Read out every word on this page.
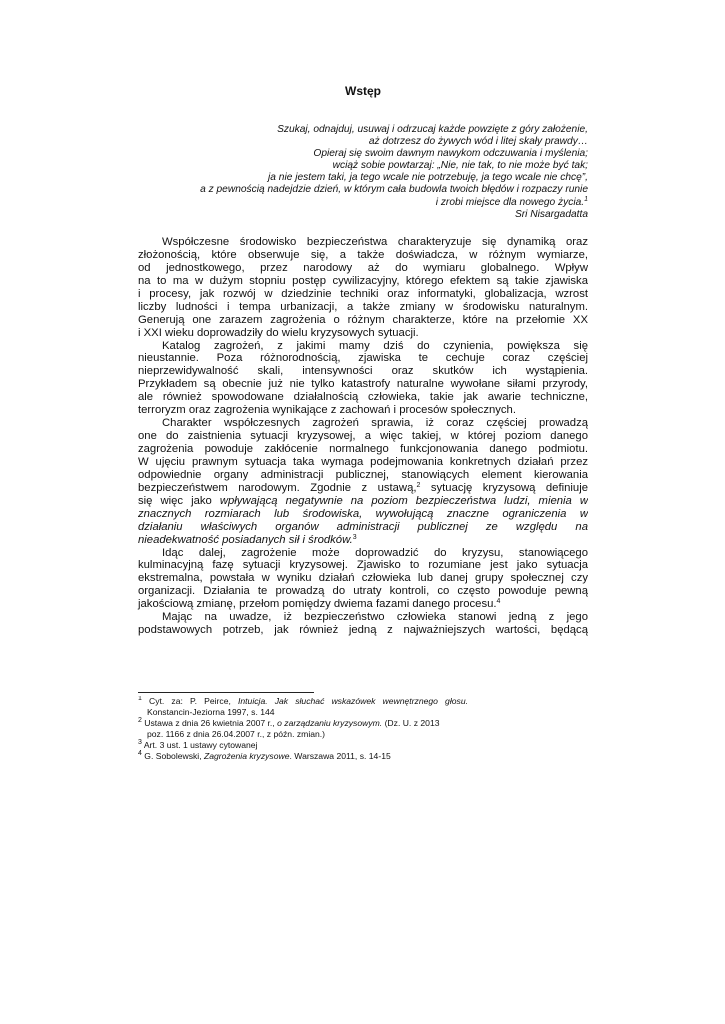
Wstęp
Szukaj, odnajduj, usuwaj i odrzucaj każde powzięte z góry założenie,
aż dotrzesz do żywych wód i litej skały prawdy…
Opieraj się swoim dawnym nawykom odczuwania i myślenia;
wciąż sobie powtarzaj: „Nie, nie tak, to nie może być tak;
ja nie jestem taki, ja tego wcale nie potrzebuję, ja tego wcale nie chcę”,
a z pewnością nadejdzie dzień, w którym cała budowla twoich błędów i rozpaczy runie
i zrobi miejsce dla nowego życia.$^1$
Sri Nisargadatta
Współczesne środowisko bezpieczeństwa charakteryzuje się dynamiką oraz
złożonością, które obserwuje się, a także doświadcza, w różnym wymiarze,
od jednostkowego, przez narodowy aż do wymiaru globalnego. Wpływ
na to ma w dużym stopniu postęp cywilizacyjny, którego efektem są takie zjawiska
i procesy, jak rozwój w dziedzinie techniki oraz informatyki, globalizacja, wzrost
liczby ludności i tempa urbanizacji, a także zmiany w środowisku naturalnym.
Generują one zarazem zagrożenia o różnym charakterze, które na przełomie XX
i XXI wieku doprowadziły do wielu kryzysowych sytuacji.
Katalog zagrożeń, z jakimi mamy dziś do czynienia, powiększa się
nieustannie. Poza różnorodnością, zjawiska te cechuje coraz częściej
nieprzewidywalność skali, intensywności oraz skutków ich wystąpienia.
Przykładem są obecnie już nie tylko katastrofy naturalne wywołane siłami przyrody,
ale również spowodowane działalnością człowieka, takie jak awarie techniczne,
terroryzm oraz zagrożenia wynikające z zachowań i procesów społecznych.
Charakter współczesnych zagrożeń sprawia, iż coraz częściej prowadzą
one do zaistnienia sytuacji kryzysowej, a więc takiej, w której poziom danego
zagrożenia powoduje zakłócenie normalnego funkcjonowania danego podmiotu.
W ujęciu prawnym sytuacja taka wymaga podejmowania konkretnych działań przez
odpowiednie organy administracji publicznej, stanowiących element kierowania
bezpieczeństwem narodowym. Zgodnie z ustawą,$^2$ sytuację kryzysową definiuje
się więc jako wpływającą negatywnie na poziom bezpieczeństwa ludzi, mienia w
znacznych rozmiarach lub środowiska, wywołującą znaczne ograniczenia w
działaniu właściwych organów administracji publicznej ze względu na
nieadekwatność posiadanych sił i środków.$^3$
Idąc dalej, zagrożenie może doprowadzić do kryzysu, stanowiącego
kulminacyjną fazę sytuacji kryzysowej. Zjawisko to rozumiane jest jako sytuacja
ekstremalna, powstała w wyniku działań człowieka lub danej grupy społecznej czy
organizacji. Działania te prowadzą do utraty kontroli, co często powoduje pewną
jakościową zmianę, przełom pomiędzy dwiema fazami danego procesu.$^4$
Mając na uwadze, iż bezpieczeństwo człowieka stanowi jedną z jego
podstawowych potrzeb, jak również jedną z najważniejszych wartości, będącą
$^1$ Cyt. za: P. Peirce, Intuicja. Jak słuchać wskazówek wewnętrznego głosu.
Konstancin-Jeziorna 1997, s. 144
$^2$ Ustawa z dnia 26 kwietnia 2007 r., o zarządzaniu kryzysowym. (Dz. U. z 2013
poz. 1166 z dnia 26.04.2007 r., z późn. zmian.)
$^3$ Art. 3 ust. 1 ustawy cytowanej
$^4$ G. Sobolewski, Zagrożenia kryzysowe. Warszawa 2011, s. 14-15
